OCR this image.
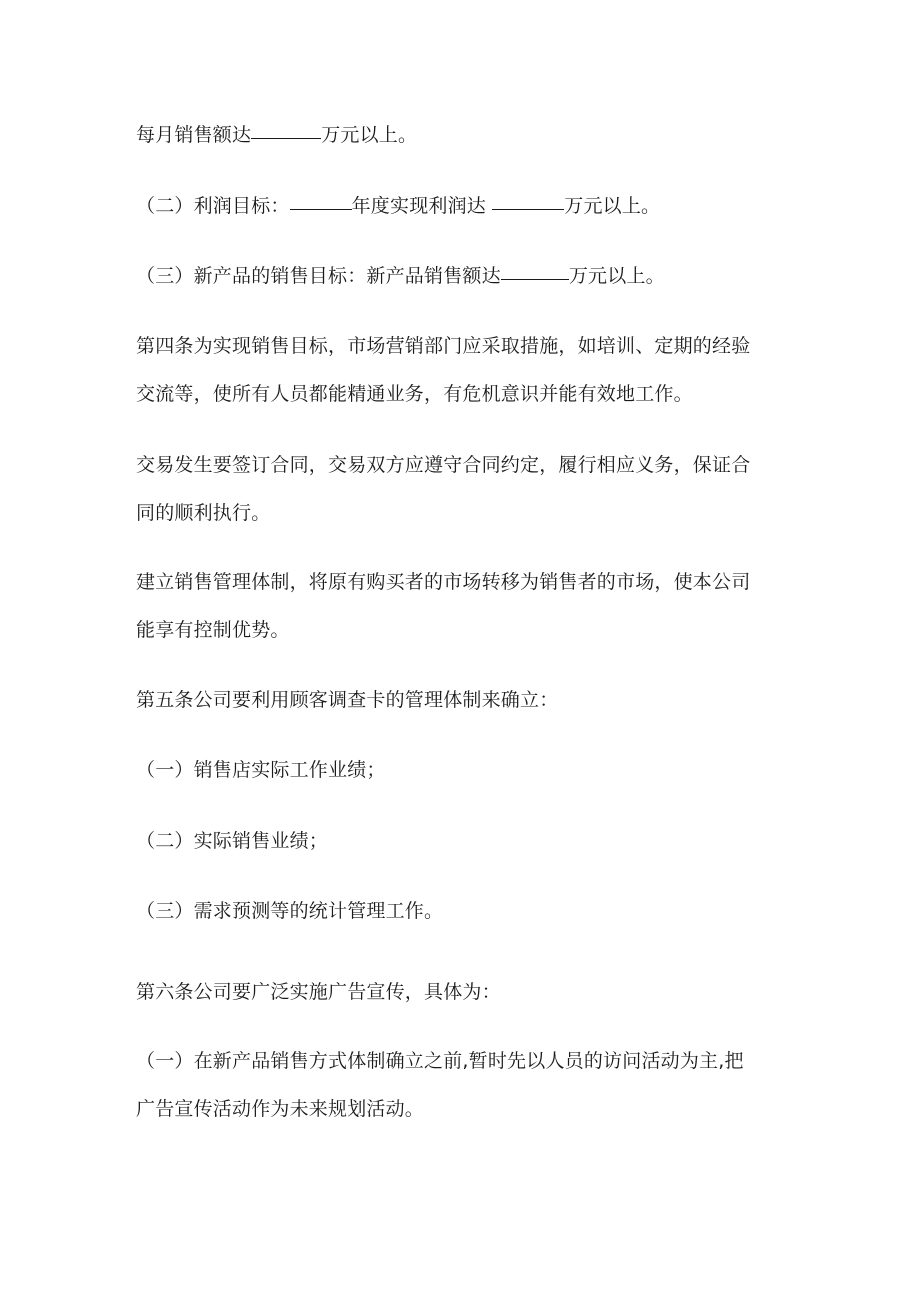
每月销售额达	万元以上。

（二）利润目标：	年度实现利润达	万元以上。

（三）新产品的销售目标：新产品销售额达	万元以上。

第四条为实现销售目标，市场营销部门应采取措施，如培训、定期的经验
交流等，使所有人员都能精通业务，有危机意识并能有效地工作。

交易发生要签订合同，交易双方应遵守合同约定，履行相应义务，保证合
同的顺利执行。

建立销售管理体制，将原有购买者的市场转移为销售者的市场，使本公司
能享有控制优势。

第五条公司要利用顾客调查卡的管理体制来确立：

（一）销售店实际工作业绩；

（二）实际销售业绩；

（三）需求预测等的统计管理工作。

第六条公司要广泛实施广告宣传，具体为：

（一）在新产品销售方式体制确立之前,暂时先以人员的访问活动为主,把
广告宣传活动作为未来规划活动。
